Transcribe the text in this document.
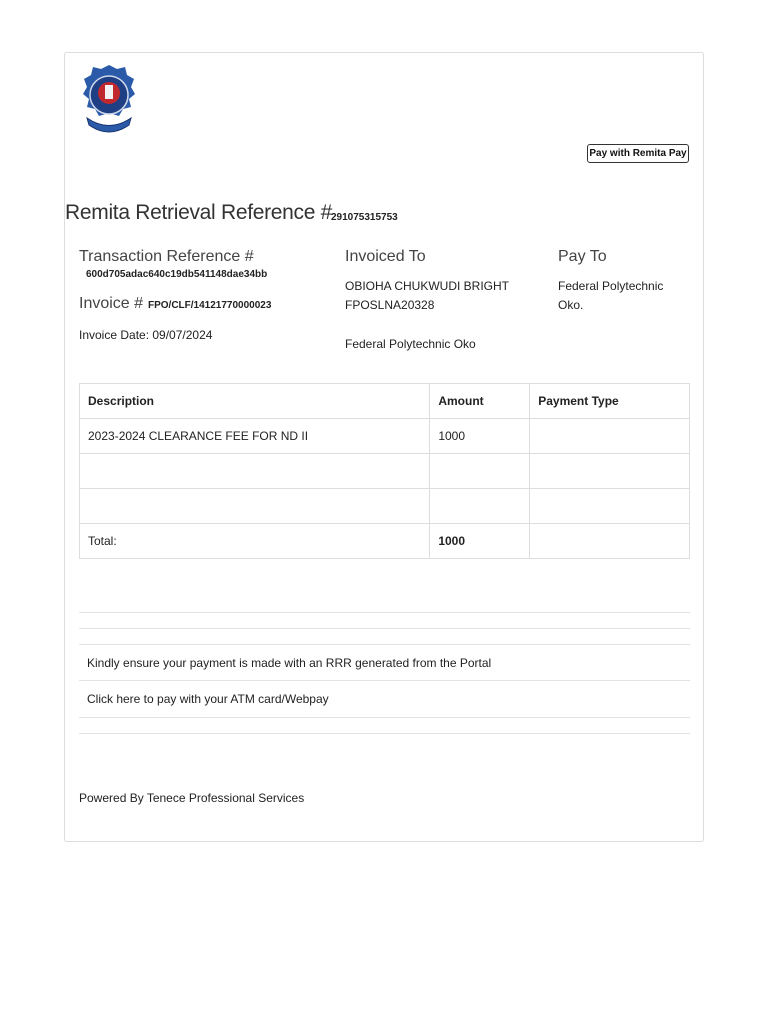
Pay with Remita Pay
Remita Retrieval Reference #
291075315753
Transaction Reference #
600d705adac640c19db541148dae34bb
Invoice # FPO/CLF/14121770000023
Invoice Date: 09/07/2024
Invoiced To
OBIOHA CHUKWUDI BRIGHT
FPOSLNA20328
Federal Polytechnic Oko
Pay To
Federal Polytechnic
Oko.
Description	Amount	Payment Type
2023-2024 CLEARANCE FEE FOR ND II	1000	

Total:	1000	
Kindly ensure your payment is made with an RRR generated from the Portal
Click here to pay with your ATM card/Webpay
Powered By Tenece Professional Services
